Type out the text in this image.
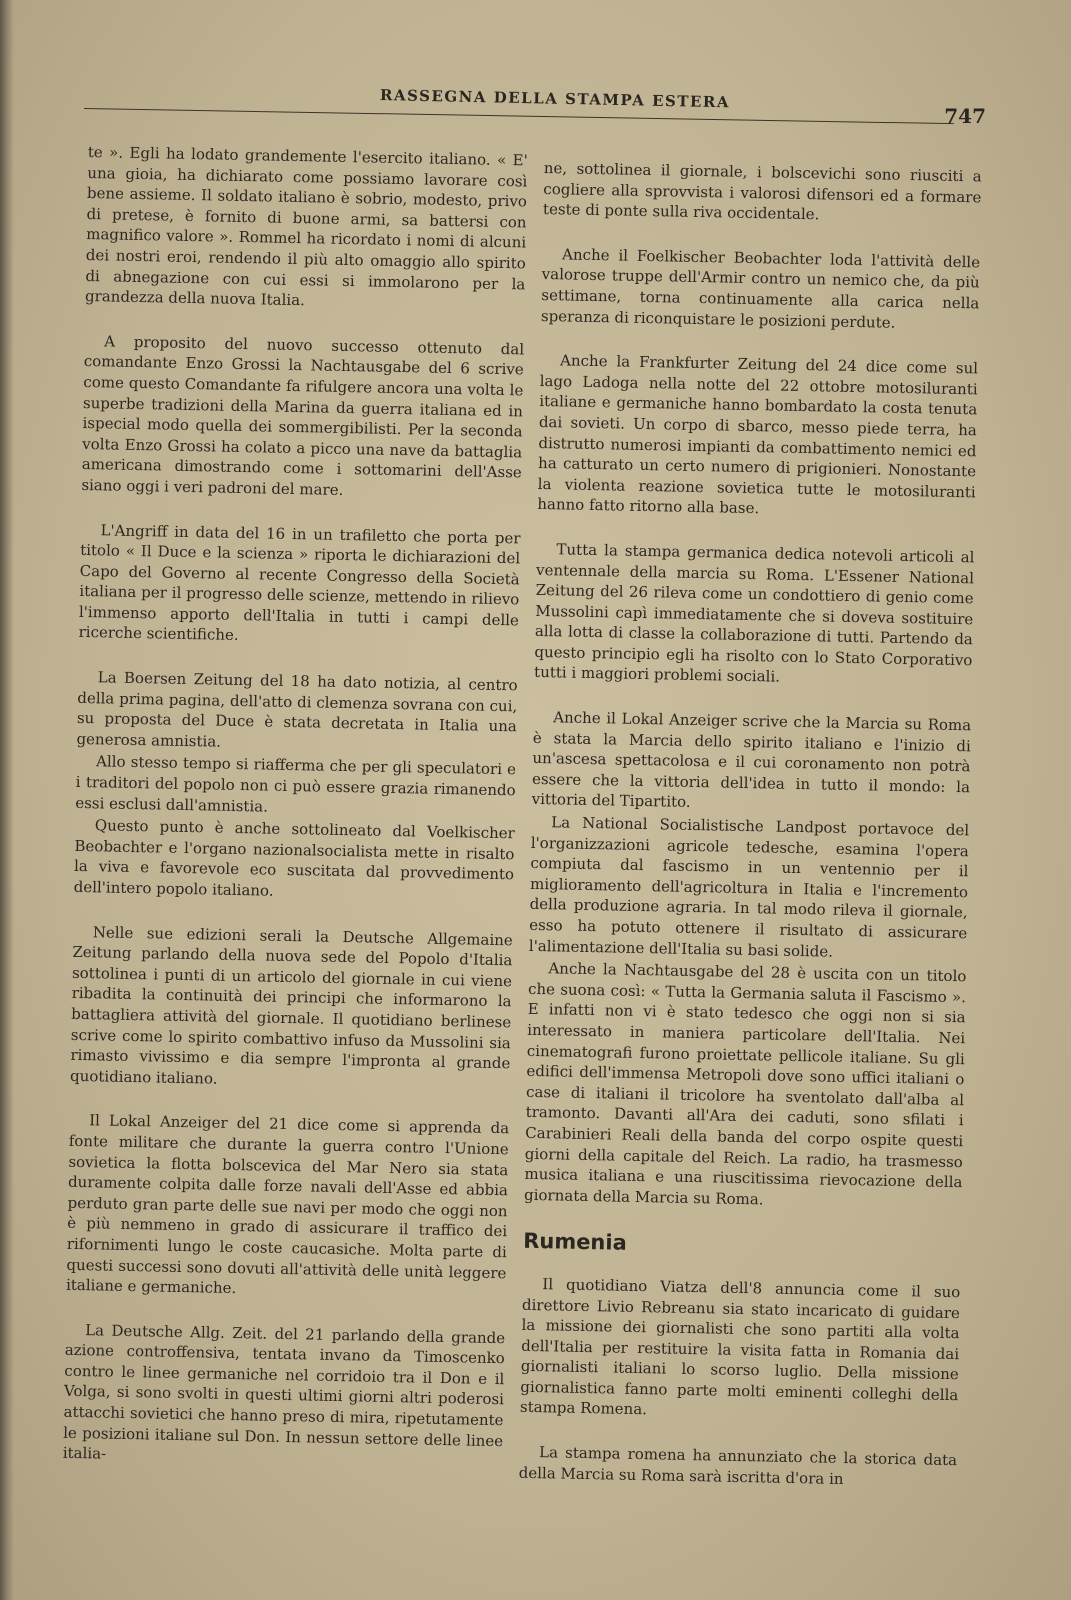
RASSEGNA DELLA STAMPA ESTERA
747

te ». Egli ha lodato grandemente l'esercito italiano. « E' una gioia, ha dichiarato come possiamo lavorare così bene assieme. Il soldato italiano è sobrio, modesto, privo di pretese, è fornito di buone armi, sa battersi con magnifico valore ». Rommel ha ricordato i nomi di alcuni dei nostri eroi, rendendo il più alto omaggio allo spirito di abnegazione con cui essi si immolarono per la grandezza della nuova Italia.

A proposito del nuovo successo ottenuto dal comandante Enzo Grossi la Nachtausgabe del 6 scrive come questo Comandante fa rifulgere ancora una volta le superbe tradizioni della Marina da guerra italiana ed in ispecial modo quella dei sommergibilisti. Per la seconda volta Enzo Grossi ha colato a picco una nave da battaglia americana dimostrando come i sottomarini dell'Asse siano oggi i veri padroni del mare.

L'Angriff in data del 16 in un trafiletto che porta per titolo « Il Duce e la scienza » riporta le dichiarazioni del Capo del Governo al recente Congresso della Società italiana per il progresso delle scienze, mettendo in rilievo l'immenso apporto dell'Italia in tutti i campi delle ricerche scientifiche.

La Boersen Zeitung del 18 ha dato notizia, al centro della prima pagina, dell'atto di clemenza sovrana con cui, su proposta del Duce è stata decretata in Italia una generosa amnistia.

Allo stesso tempo si riafferma che per gli speculatori e i traditori del popolo non ci può essere grazia rimanendo essi esclusi dall'amnistia.

Questo punto è anche sottolineato dal Voelkischer Beobachter e l'organo nazionalsocialista mette in risalto la viva e favorevole eco suscitata dal provvedimento dell'intero popolo italiano.

Nelle sue edizioni serali la Deutsche Allgemaine Zeitung parlando della nuova sede del Popolo d'Italia sottolinea i punti di un articolo del giornale in cui viene ribadita la continuità dei principi che informarono la battagliera attività del giornale. Il quotidiano berlinese scrive come lo spirito combattivo infuso da Mussolini sia rimasto vivissimo e dia sempre l'impronta al grande quotidiano italiano.

Il Lokal Anzeiger del 21 dice come si apprenda da fonte militare che durante la guerra contro l'Unione sovietica la flotta bolscevica del Mar Nero sia stata duramente colpita dalle forze navali dell'Asse ed abbia perduto gran parte delle sue navi per modo che oggi non è più nemmeno in grado di assicurare il traffico dei rifornimenti lungo le coste caucasiche. Molta parte di questi successi sono dovuti all'attività delle unità leggere italiane e germaniche.

La Deutsche Allg. Zeit. del 21 parlando della grande azione controffensiva, tentata invano da Timoscenko contro le linee germaniche nel corridoio tra il Don e il Volga, si sono svolti in questi ultimi giorni altri poderosi attacchi sovietici che hanno preso di mira, ripetutamente le posizioni italiane sul Don. In nessun settore delle linee italia-

ne, sottolinea il giornale, i bolscevichi sono riusciti a cogliere alla sprovvista i valorosi difensori ed a formare teste di ponte sulla riva occidentale.

Anche il Foelkischer Beobachter loda l'attività delle valorose truppe dell'Armir contro un nemico che, da più settimane, torna continuamente alla carica nella speranza di riconquistare le posizioni perdute.

Anche la Frankfurter Zeitung del 24 dice come sul lago Ladoga nella notte del 22 ottobre motosiluranti italiane e germaniche hanno bombardato la costa tenuta dai sovieti. Un corpo di sbarco, messo piede terra, ha distrutto numerosi impianti da combattimento nemici ed ha catturato un certo numero di prigionieri. Nonostante la violenta reazione sovietica tutte le motosiluranti hanno fatto ritorno alla base.

Tutta la stampa germanica dedica notevoli articoli al ventennale della marcia su Roma. L'Essener National Zeitung del 26 rileva come un condottiero di genio come Mussolini capì immediatamente che si doveva sostituire alla lotta di classe la collaborazione di tutti. Partendo da questo principio egli ha risolto con lo Stato Corporativo tutti i maggiori problemi sociali.

Anche il Lokal Anzeiger scrive che la Marcia su Roma è stata la Marcia dello spirito italiano e l'inizio di un'ascesa spettacolosa e il cui coronamento non potrà essere che la vittoria dell'idea in tutto il mondo: la vittoria del Tipartito.

La National Socialistische Landpost portavoce del l'organizzazioni agricole tedesche, esamina l'opera compiuta dal fascismo in un ventennio per il miglioramento dell'agricoltura in Italia e l'incremento della produzione agraria. In tal modo rileva il giornale, esso ha potuto ottenere il risultato di assicurare l'alimentazione dell'Italia su basi solide.

Anche la Nachtausgabe del 28 è uscita con un titolo che suona così: « Tutta la Germania saluta il Fascismo ». E infatti non vi è stato tedesco che oggi non si sia interessato in maniera particolare dell'Italia. Nei cinematografi furono proiettate pellicole italiane. Su gli edifici dell'immensa Metropoli dove sono uffici italiani o case di italiani il tricolore ha sventolato dall'alba al tramonto. Davanti all'Ara dei caduti, sono sfilati i Carabinieri Reali della banda del corpo ospite questi giorni della capitale del Reich. La radio, ha trasmesso musica italiana e una riuscitissima rievocazione della giornata della Marcia su Roma.

Rumenia

Il quotidiano Viatza dell'8 annuncia come il suo direttore Livio Rebreanu sia stato incaricato di guidare la missione dei giornalisti che sono partiti alla volta dell'Italia per restituire la visita fatta in Romania dai giornalisti italiani lo scorso luglio. Della missione giornalistica fanno parte molti eminenti colleghi della stampa Romena.

La stampa romena ha annunziato che la storica data della Marcia su Roma sarà iscritta d'ora in
